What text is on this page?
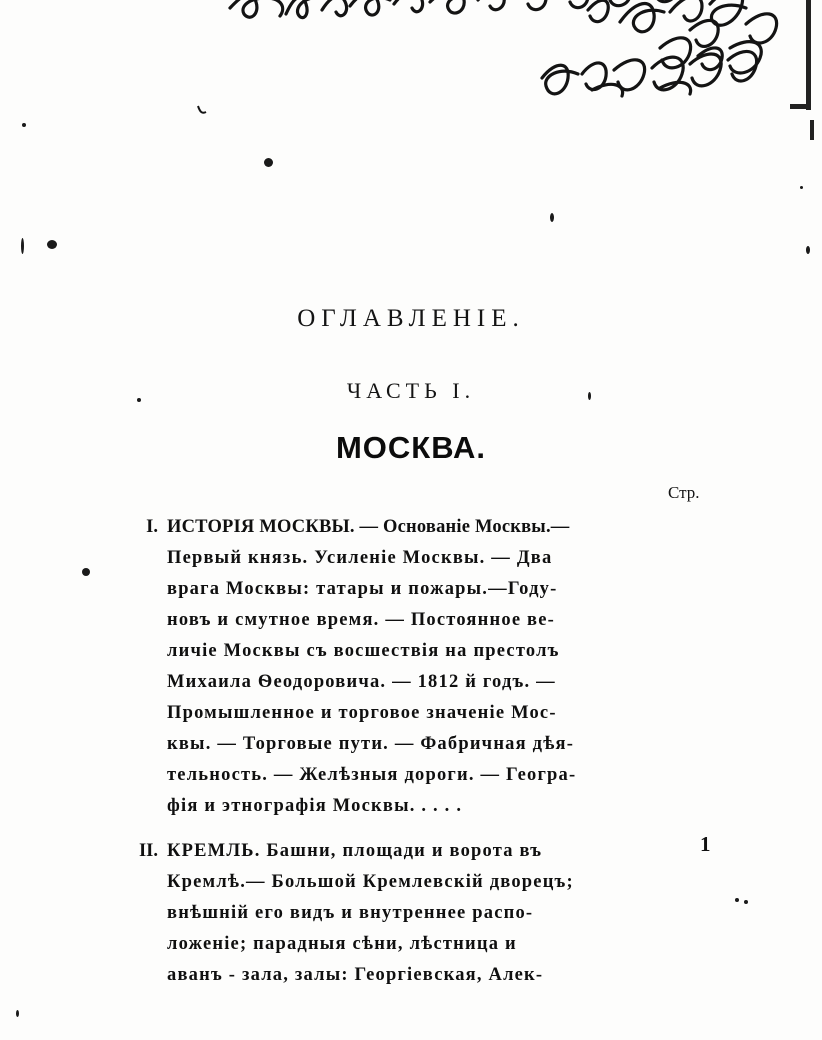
ОГЛАВЛЕНІЕ.
ЧАСТЬ I.
МОСКВА.
Стр.
I. ИСТОРІЯ МОСКВЫ. — Основаніе Москвы.—
Первый князь. Усиленіе Москвы. — Два
врага Москвы: татары и пожары.—Году-
новъ и смутное время. — Постоянное ве-
личіе Москвы съ восшествія на престолъ
Михаила Ѳеодоровича. — 1812 й годъ. —
Промышленное и торговое значеніе Мос-
квы. — Торговые пути. — Фабричная дѣя-
тельность. — Желѣзныя дороги. — Геогра-
фія и этнографія Москвы. . . . .
II. КРЕМЛЬ. Башни, площади и ворота въ
Кремлѣ.— Большой Кремлевскій дворецъ;
внѣшній его видъ и внутреннее распо-
ложеніе; парадныя сѣни, лѣстница и
аванъ - зала, залы: Георгіевская, Алек-
1
